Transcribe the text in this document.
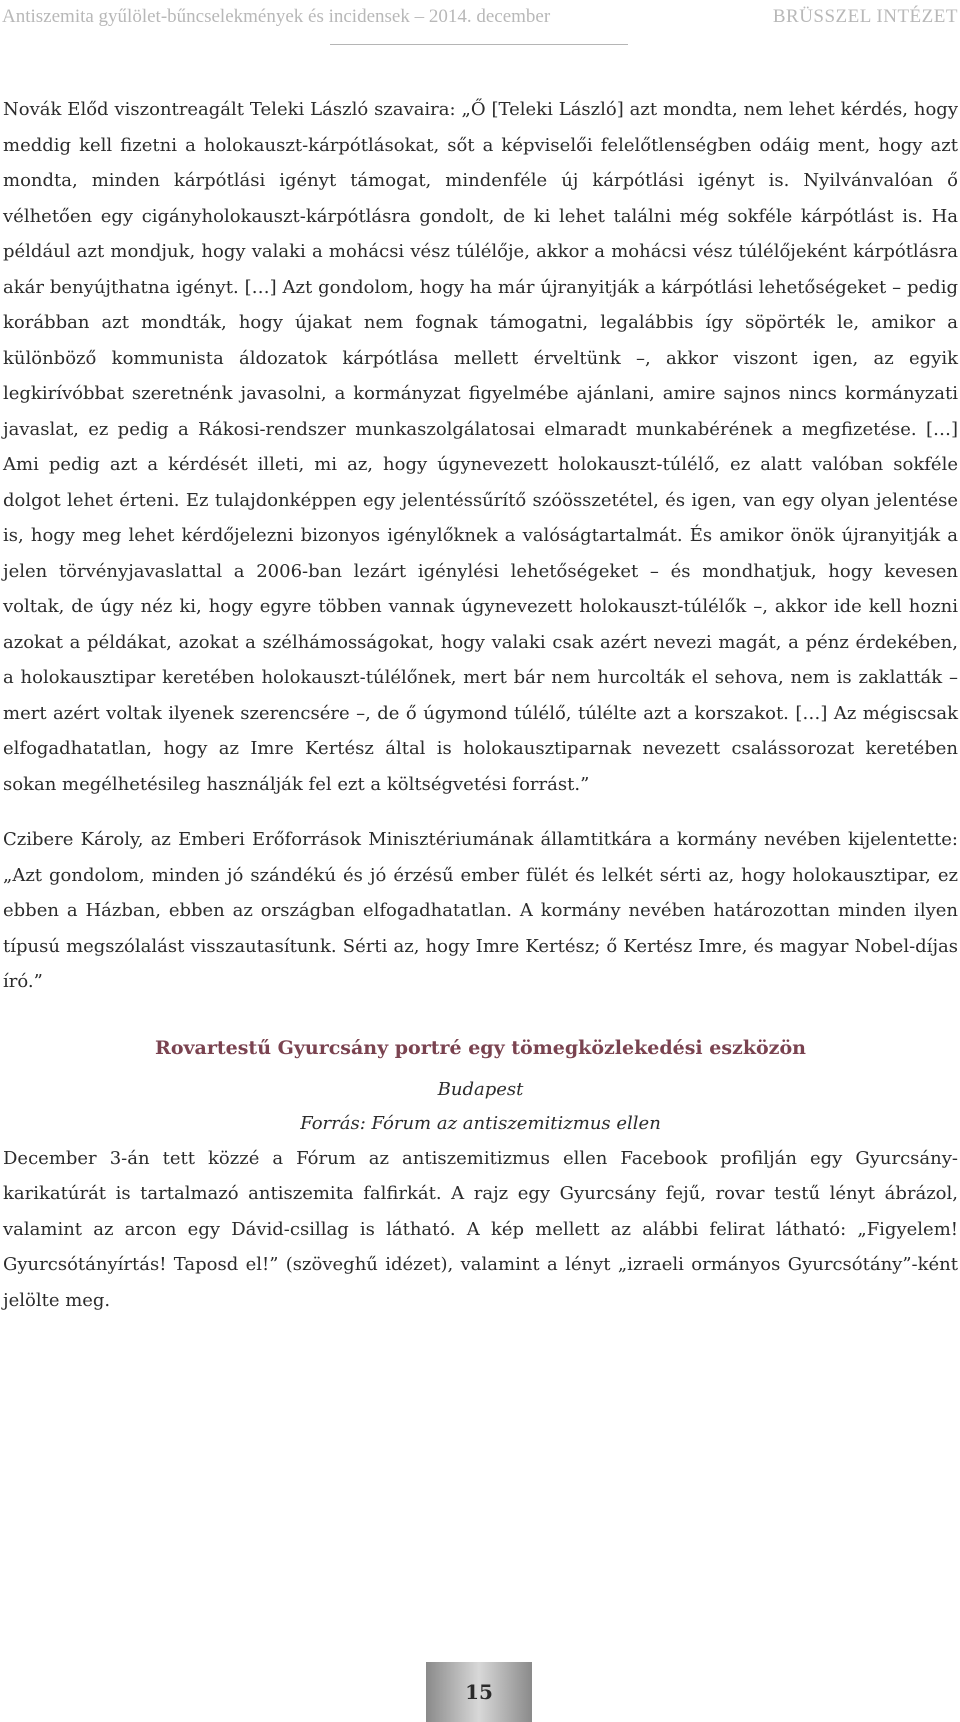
Antiszemita gyűlölet-bűncselekmények és incidensek – 2014. december	BRÜSSZEL INTÉZET

Novák Előd viszontreagált Teleki László szavaira: „Ő [Teleki László] azt mondta, nem lehet kérdés, hogy meddig kell fizetni a holokauszt-kárpótlásokat, sőt a képviselői felelőtlenségben odáig ment, hogy azt mondta, minden kárpótlási igényt támogat, mindenféle új kárpótlási igényt is. Nyilvánvalóan ő vélhetően egy cigányholokauszt-kárpótlásra gondolt, de ki lehet találni még sokféle kárpótlást is. Ha például azt mondjuk, hogy valaki a mohácsi vész túlélője, akkor a mohácsi vész túlélőjeként kárpótlásra akár benyújthatna igényt. […] Azt gondolom, hogy ha már újranyitják a kárpótlási lehetőségeket – pedig korábban azt mondták, hogy újakat nem fognak támogatni, legalábbis így söpörték le, amikor a különböző kommunista áldozatok kárpótlása mellett érveltünk –, akkor viszont igen, az egyik legkirívóbbat szeretnénk javasolni, a kormányzat figyelmébe ajánlani, amire sajnos nincs kormányzati javaslat, ez pedig a Rákosi-rendszer munkaszolgálatosai elmaradt munkabérének a megfizetése. […] Ami pedig azt a kérdését illeti, mi az, hogy úgynevezett holokauszt-túlélő, ez alatt valóban sokféle dolgot lehet érteni. Ez tulajdonképpen egy jelentéssűrítő szóösszetétel, és igen, van egy olyan jelentése is, hogy meg lehet kérdőjelezni bizonyos igénylőknek a valóságtartalmát. És amikor önök újranyitják a jelen törvényjavaslattal a 2006-ban lezárt igénylési lehetőségeket – és mondhatjuk, hogy kevesen voltak, de úgy néz ki, hogy egyre többen vannak úgynevezett holokauszt-túlélők –, akkor ide kell hozni azokat a példákat, azokat a szélhámosságokat, hogy valaki csak azért nevezi magát, a pénz érdekében, a holokausztipar keretében holokauszt-túlélőnek, mert bár nem hurcolták el sehova, nem is zaklatták – mert azért voltak ilyenek szerencsére –, de ő úgymond túlélő, túlélte azt a korszakot. […] Az mégiscsak elfogadhatatlan, hogy az Imre Kertész által is holokausztiparnak nevezett csalássorozat keretében sokan megélhetésileg használják fel ezt a költségvetési forrást.”

Czibere Károly, az Emberi Erőforrások Minisztériumának államtitkára a kormány nevében kijelentette: „Azt gondolom, minden jó szándékú és jó érzésű ember fülét és lelkét sérti az, hogy holokausztipar, ez ebben a Házban, ebben az országban elfogadhatatlan. A kormány nevében határozottan minden ilyen típusú megszólalást visszautasítunk. Sérti az, hogy Imre Kertész; ő Kertész Imre, és magyar Nobel-díjas író.”

Rovartestű Gyurcsány portré egy tömegközlekedési eszközön
Budapest
Forrás: Fórum az antiszemitizmus ellen

December 3-án tett közzé a Fórum az antiszemitizmus ellen Facebook profilján egy Gyurcsány-karikatúrát is tartalmazó antiszemita falfirkát. A rajz egy Gyurcsány fejű, rovar testű lényt ábrázol, valamint az arcon egy Dávid-csillag is látható. A kép mellett az alábbi felirat látható: „Figyelem! Gyurcsótányírtás! Taposd el!” (szöveghű idézet), valamint a lényt „izraeli ormányos Gyurcsótány”-ként jelölte meg.

15
